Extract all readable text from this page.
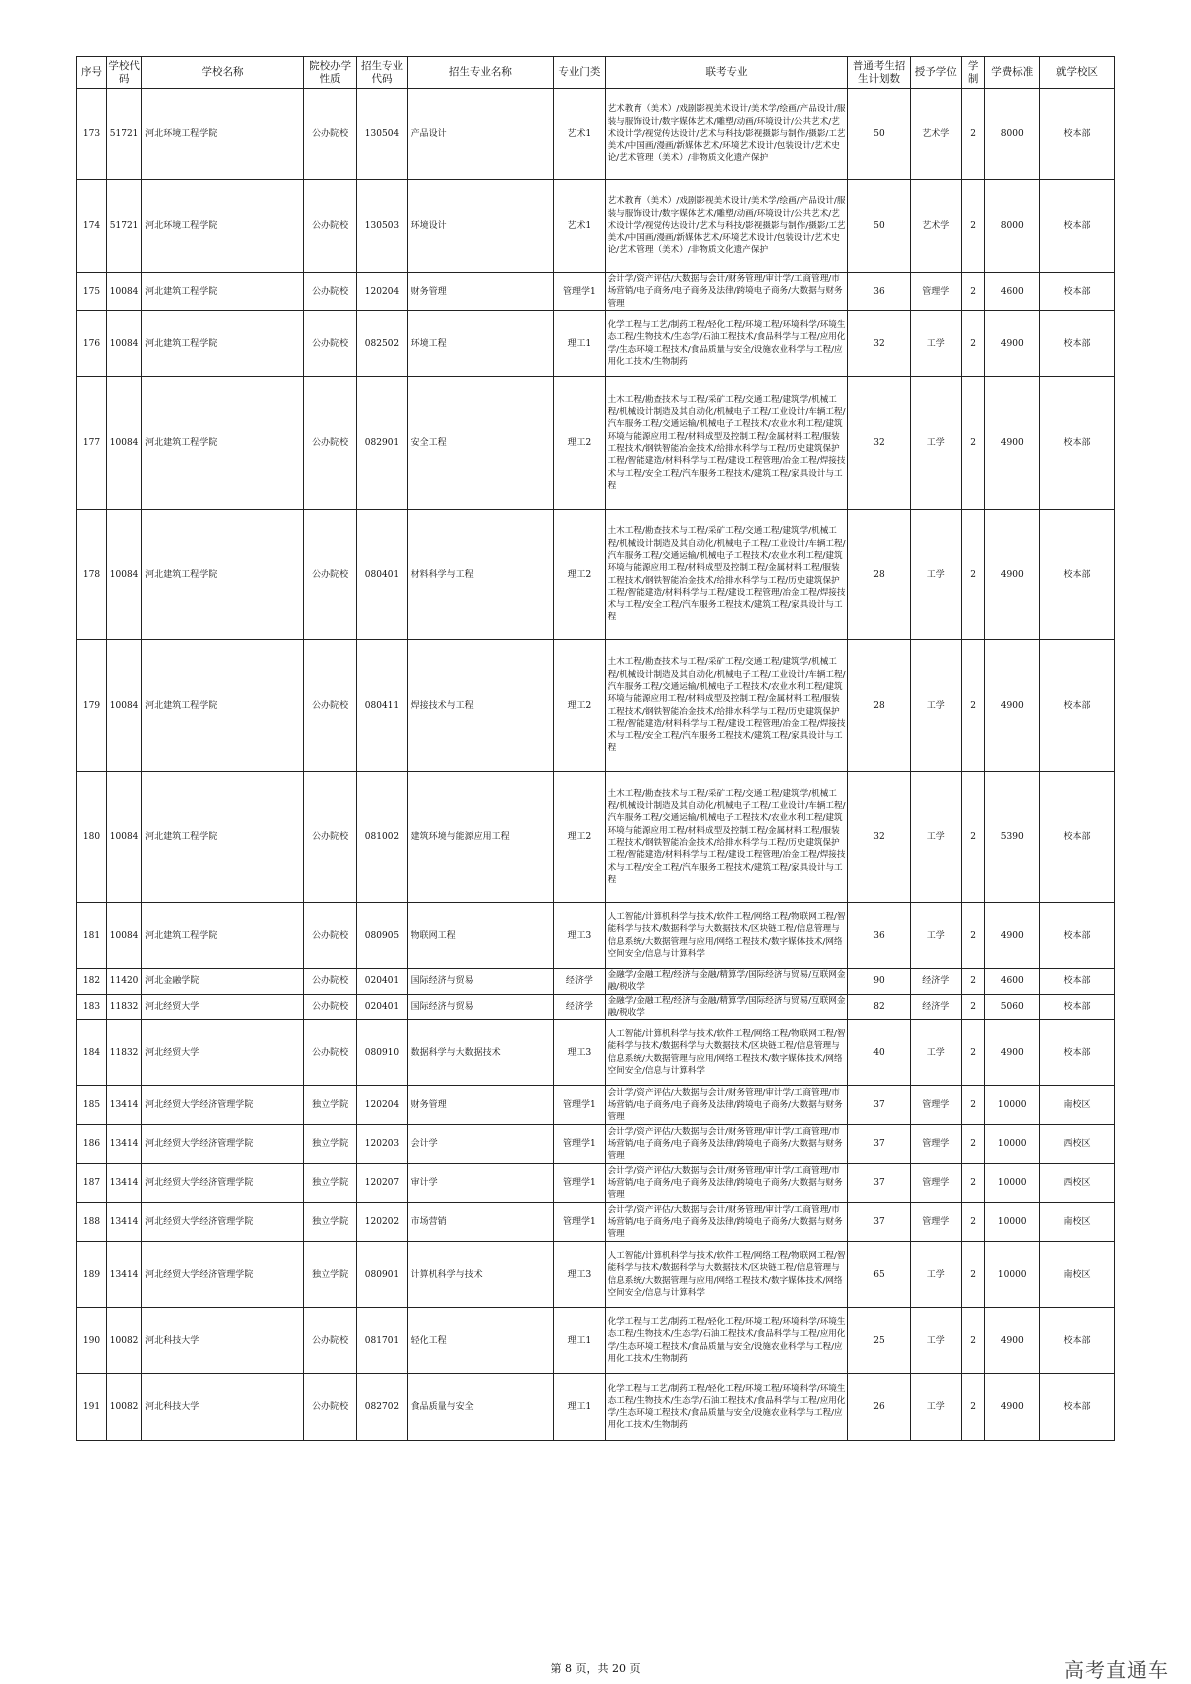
序号	学校代码	学校名称	院校办学性质	招生专业代码	招生专业名称	专业门类	联考专业	普通考生招生计划数	授予学位	学制	学费标准	就学校区
173	51721	河北环境工程学院	公办院校	130504	产品设计	艺术1	艺术教育（美术）/戏剧影视美术设计/美术学/绘画/产品设计/服装与服饰设计/数字媒体艺术/雕塑/动画/环境设计/公共艺术/艺术设计学/视觉传达设计/艺术与科技/影视摄影与制作/摄影/工艺美术/中国画/漫画/新媒体艺术/环境艺术设计/包装设计/艺术史论/艺术管理（美术）/非物质文化遗产保护	50	艺术学	2	8000	校本部
174	51721	河北环境工程学院	公办院校	130503	环境设计	艺术1	艺术教育（美术）/戏剧影视美术设计/美术学/绘画/产品设计/服装与服饰设计/数字媒体艺术/雕塑/动画/环境设计/公共艺术/艺术设计学/视觉传达设计/艺术与科技/影视摄影与制作/摄影/工艺美术/中国画/漫画/新媒体艺术/环境艺术设计/包装设计/艺术史论/艺术管理（美术）/非物质文化遗产保护	50	艺术学	2	8000	校本部
175	10084	河北建筑工程学院	公办院校	120204	财务管理	管理学1	会计学/资产评估/大数据与会计/财务管理/审计学/工商管理/市场营销/电子商务/电子商务及法律/跨境电子商务/大数据与财务管理	36	管理学	2	4600	校本部
176	10084	河北建筑工程学院	公办院校	082502	环境工程	理工1	化学工程与工艺/制药工程/轻化工程/环境工程/环境科学/环境生态工程/生物技术/生态学/石油工程技术/食品科学与工程/应用化学/生态环境工程技术/食品质量与安全/设施农业科学与工程/应用化工技术/生物制药	32	工学	2	4900	校本部
177	10084	河北建筑工程学院	公办院校	082901	安全工程	理工2	土木工程/勘查技术与工程/采矿工程/交通工程/建筑学/机械工程/机械设计制造及其自动化/机械电子工程/工业设计/车辆工程/汽车服务工程/交通运输/机械电子工程技术/农业水利工程/建筑环境与能源应用工程/材料成型及控制工程/金属材料工程/服装工程技术/钢铁智能冶金技术/给排水科学与工程/历史建筑保护工程/智能建造/材料科学与工程/建设工程管理/冶金工程/焊接技术与工程/安全工程/汽车服务工程技术/建筑工程/家具设计与工程	32	工学	2	4900	校本部
178	10084	河北建筑工程学院	公办院校	080401	材料科学与工程	理工2	土木工程/勘查技术与工程/采矿工程/交通工程/建筑学/机械工程/机械设计制造及其自动化/机械电子工程/工业设计/车辆工程/汽车服务工程/交通运输/机械电子工程技术/农业水利工程/建筑环境与能源应用工程/材料成型及控制工程/金属材料工程/服装工程技术/钢铁智能冶金技术/给排水科学与工程/历史建筑保护工程/智能建造/材料科学与工程/建设工程管理/冶金工程/焊接技术与工程/安全工程/汽车服务工程技术/建筑工程/家具设计与工程	28	工学	2	4900	校本部
179	10084	河北建筑工程学院	公办院校	080411	焊接技术与工程	理工2	土木工程/勘查技术与工程/采矿工程/交通工程/建筑学/机械工程/机械设计制造及其自动化/机械电子工程/工业设计/车辆工程/汽车服务工程/交通运输/机械电子工程技术/农业水利工程/建筑环境与能源应用工程/材料成型及控制工程/金属材料工程/服装工程技术/钢铁智能冶金技术/给排水科学与工程/历史建筑保护工程/智能建造/材料科学与工程/建设工程管理/冶金工程/焊接技术与工程/安全工程/汽车服务工程技术/建筑工程/家具设计与工程	28	工学	2	4900	校本部
180	10084	河北建筑工程学院	公办院校	081002	建筑环境与能源应用工程	理工2	土木工程/勘查技术与工程/采矿工程/交通工程/建筑学/机械工程/机械设计制造及其自动化/机械电子工程/工业设计/车辆工程/汽车服务工程/交通运输/机械电子工程技术/农业水利工程/建筑环境与能源应用工程/材料成型及控制工程/金属材料工程/服装工程技术/钢铁智能冶金技术/给排水科学与工程/历史建筑保护工程/智能建造/材料科学与工程/建设工程管理/冶金工程/焊接技术与工程/安全工程/汽车服务工程技术/建筑工程/家具设计与工程	32	工学	2	5390	校本部
181	10084	河北建筑工程学院	公办院校	080905	物联网工程	理工3	人工智能/计算机科学与技术/软件工程/网络工程/物联网工程/智能科学与技术/数据科学与大数据技术/区块链工程/信息管理与信息系统/大数据管理与应用/网络工程技术/数字媒体技术/网络空间安全/信息与计算科学	36	工学	2	4900	校本部
182	11420	河北金融学院	公办院校	020401	国际经济与贸易	经济学	金融学/金融工程/经济与金融/精算学/国际经济与贸易/互联网金融/税收学	90	经济学	2	4600	校本部
183	11832	河北经贸大学	公办院校	020401	国际经济与贸易	经济学	金融学/金融工程/经济与金融/精算学/国际经济与贸易/互联网金融/税收学	82	经济学	2	5060	校本部
184	11832	河北经贸大学	公办院校	080910	数据科学与大数据技术	理工3	人工智能/计算机科学与技术/软件工程/网络工程/物联网工程/智能科学与技术/数据科学与大数据技术/区块链工程/信息管理与信息系统/大数据管理与应用/网络工程技术/数字媒体技术/网络空间安全/信息与计算科学	40	工学	2	4900	校本部
185	13414	河北经贸大学经济管理学院	独立学院	120204	财务管理	管理学1	会计学/资产评估/大数据与会计/财务管理/审计学/工商管理/市场营销/电子商务/电子商务及法律/跨境电子商务/大数据与财务管理	37	管理学	2	10000	南校区
186	13414	河北经贸大学经济管理学院	独立学院	120203	会计学	管理学1	会计学/资产评估/大数据与会计/财务管理/审计学/工商管理/市场营销/电子商务/电子商务及法律/跨境电子商务/大数据与财务管理	37	管理学	2	10000	西校区
187	13414	河北经贸大学经济管理学院	独立学院	120207	审计学	管理学1	会计学/资产评估/大数据与会计/财务管理/审计学/工商管理/市场营销/电子商务/电子商务及法律/跨境电子商务/大数据与财务管理	37	管理学	2	10000	西校区
188	13414	河北经贸大学经济管理学院	独立学院	120202	市场营销	管理学1	会计学/资产评估/大数据与会计/财务管理/审计学/工商管理/市场营销/电子商务/电子商务及法律/跨境电子商务/大数据与财务管理	37	管理学	2	10000	南校区
189	13414	河北经贸大学经济管理学院	独立学院	080901	计算机科学与技术	理工3	人工智能/计算机科学与技术/软件工程/网络工程/物联网工程/智能科学与技术/数据科学与大数据技术/区块链工程/信息管理与信息系统/大数据管理与应用/网络工程技术/数字媒体技术/网络空间安全/信息与计算科学	65	工学	2	10000	南校区
190	10082	河北科技大学	公办院校	081701	轻化工程	理工1	化学工程与工艺/制药工程/轻化工程/环境工程/环境科学/环境生态工程/生物技术/生态学/石油工程技术/食品科学与工程/应用化学/生态环境工程技术/食品质量与安全/设施农业科学与工程/应用化工技术/生物制药	25	工学	2	4900	校本部
191	10082	河北科技大学	公办院校	082702	食品质量与安全	理工1	化学工程与工艺/制药工程/轻化工程/环境工程/环境科学/环境生态工程/生物技术/生态学/石油工程技术/食品科学与工程/应用化学/生态环境工程技术/食品质量与安全/设施农业科学与工程/应用化工技术/生物制药	26	工学	2	4900	校本部
第 8 页，共 20 页	高考直通车
